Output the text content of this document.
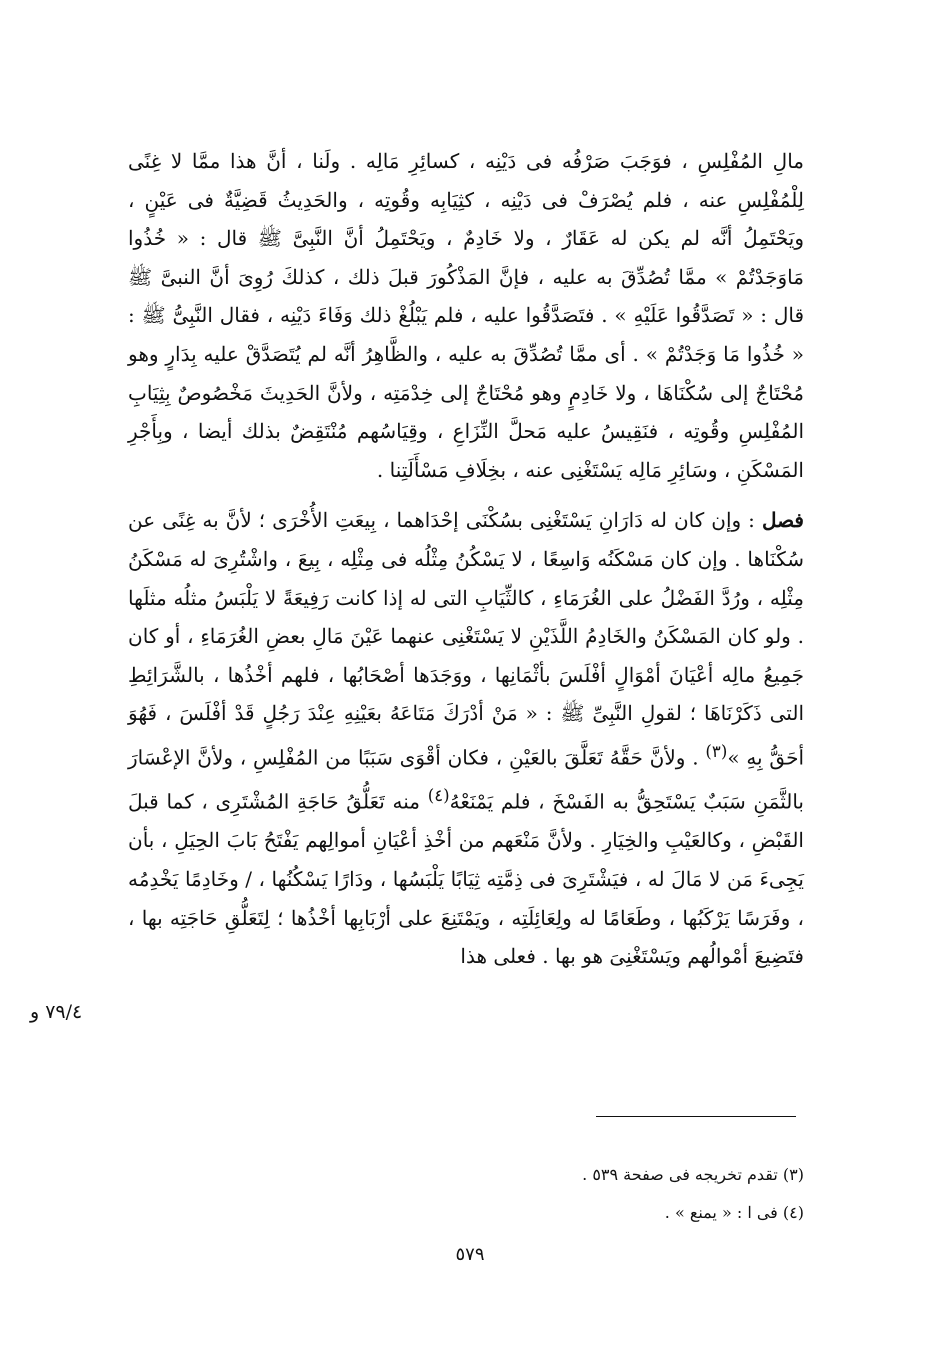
مالِ المُفْلِسِ ، فوَجَبَ صَرْفُه فى دَيْنِه ، كسائِرِ مَالِه . ولَنا ، أنَّ هذا ممَّا لا غِنًى لِلْمُفْلِسِ عنه ، فلم يُصْرَفْ فى دَيْنِه ، كثِيَابِه وقُوتِه ، والحَدِيثُ قَضِيَّةٌ فى عَيْنٍ ، ويَحْتَمِلُ أنَّه لم يكن له عَقَارٌ ، ولا خَادِمٌ ، ويَحْتَمِلُ أنَّ النَّبِىَّ ﷺ قال : « خُذُوا مَاوَجَدْتُمْ » ممَّا تُصُدِّقَ به عليه ، فإنَّ المَذْكُورَ قبلَ ذلك ، كذلكَ رُوِىَ أنَّ النبىَّ ﷺ قال : « تَصَدَّقُوا عَلَيْهِ » . فتَصَدَّقُوا عليه ، فلم يَبْلُغْ ذلك وَفَاءَ دَيْنِه ، فقال النَّبِىُّ ﷺ : « خُذُوا مَا وَجَدْتُمْ » . أى ممَّا تُصُدِّقَ به عليه ، والظَّاهِرُ أنَّه لم يُتَصَدَّقْ عليه بِدَارٍ وهو مُحْتَاجٌ إلى سُكْنَاهَا ، ولا خَادِمٍ وهو مُحْتَاجٌ إلى خِدْمَتِه ، ولأنَّ الحَدِيثَ مَخْصُوصٌ بِثِيَابِ المُفْلِسِ وقُوتِه ، فنَقِيسُ عليه مَحلَّ النِّزَاعِ ، وقِيَاسُهم مُنْتَقِضٌ بذلك أيضا ، وبِأَجْرِ المَسْكَنِ ، وسَائِرِ مَالِه يَسْتَغْنِى عنه ، بخِلَافِ مَسْأَلَتِنا .

فصل : وإن كان له دَارَانِ يَسْتَغْنِى بسُكْنَى إحْدَاهما ، بِيعَتِ الأُخْرَى ؛ لأنَّ به غِنًى عن سُكْنَاها . وإن كان مَسْكَنُه وَاسِعًا ، لا يَسْكُنُ مِثْلُه فى مِثْلِه ، بِيعَ ، واشْتُرِىَ له مَسْكَنُ مِثْلِه ، ورُدَّ الفَضْلُ على الغُرَمَاءِ ، كالثِّيَابِ التى له إذا كانت رَفِيعَةً لا يَلْبَسُ مثلُه مثلَها . ولو كان المَسْكَنُ والخَادِمُ اللَّذَيْنِ لا يَسْتَغْنِى عنهما عَيْنَ مَالِ بعضِ الغُرَمَاءِ ، أو كان جَمِيعُ مالِه أعْيَانَ أمْوَالٍ أفْلَسَ بأثْمَانِها ، ووَجَدَها أصْحَابُها ، فلهم أخْذُها ، بالشَّرَائِطِ التى ذَكَرْنَاهَا ؛ لقولِ النَّبِىِّ ﷺ : « مَنْ أدْرَكَ مَتَاعَهُ بعَيْنِهِ عِنْدَ رَجُلٍ قَدْ أفْلَسَ ، فَهُوَ أحَقُّ بِهِ »$^{(٣)}$ . ولأنَّ حَقَّهُ تَعَلَّقَ بالعَيْنِ ، فكان أقْوَى سَبَبًا من المُفْلِسِ ، ولأنَّ الإعْسَارَ بالثَّمَنِ سَبَبٌ يَسْتَحِقُّ به الفَسْخَ ، فلم يَمْنَعْهُ$^{(٤)}$ منه تَعَلُّقُ حَاجَةِ المُشْتَرِى ، كما قبلَ القَبْضِ ، وكالعَيْبِ والخِيَارِ . ولأنَّ مَنْعَهم من أخْذِ أعْيَانِ أموالِهم يَفْتَحُ بَابَ الحِيَلِ ، بأن يَجِىءَ مَن لا مَالَ له ، فيَشْتَرِىَ فى ذِمَّتِه ثِيَابًا يَلْبَسُها ، ودَارًا يَسْكُنُها ، / وخَادِمًا يَخْدِمُه ، وفَرَسًا يَرْكَبُها ، وطَعَامًا له ولِعَائِلَتِه ، ويَمْتَنِعَ على أرْبَابِها أخْذُها ؛ لِتَعَلُّقِ حَاجَتِه بها ، فتَضِيعَ أمْوالُهم ويَسْتَغْنِىَ هو بها . فعلى هذا

٧٩/٤ و

(٣) تقدم تخريجه فى صفحة ٥٣٩ .

(٤) فى ا : « يمنع » .

٥٧٩
